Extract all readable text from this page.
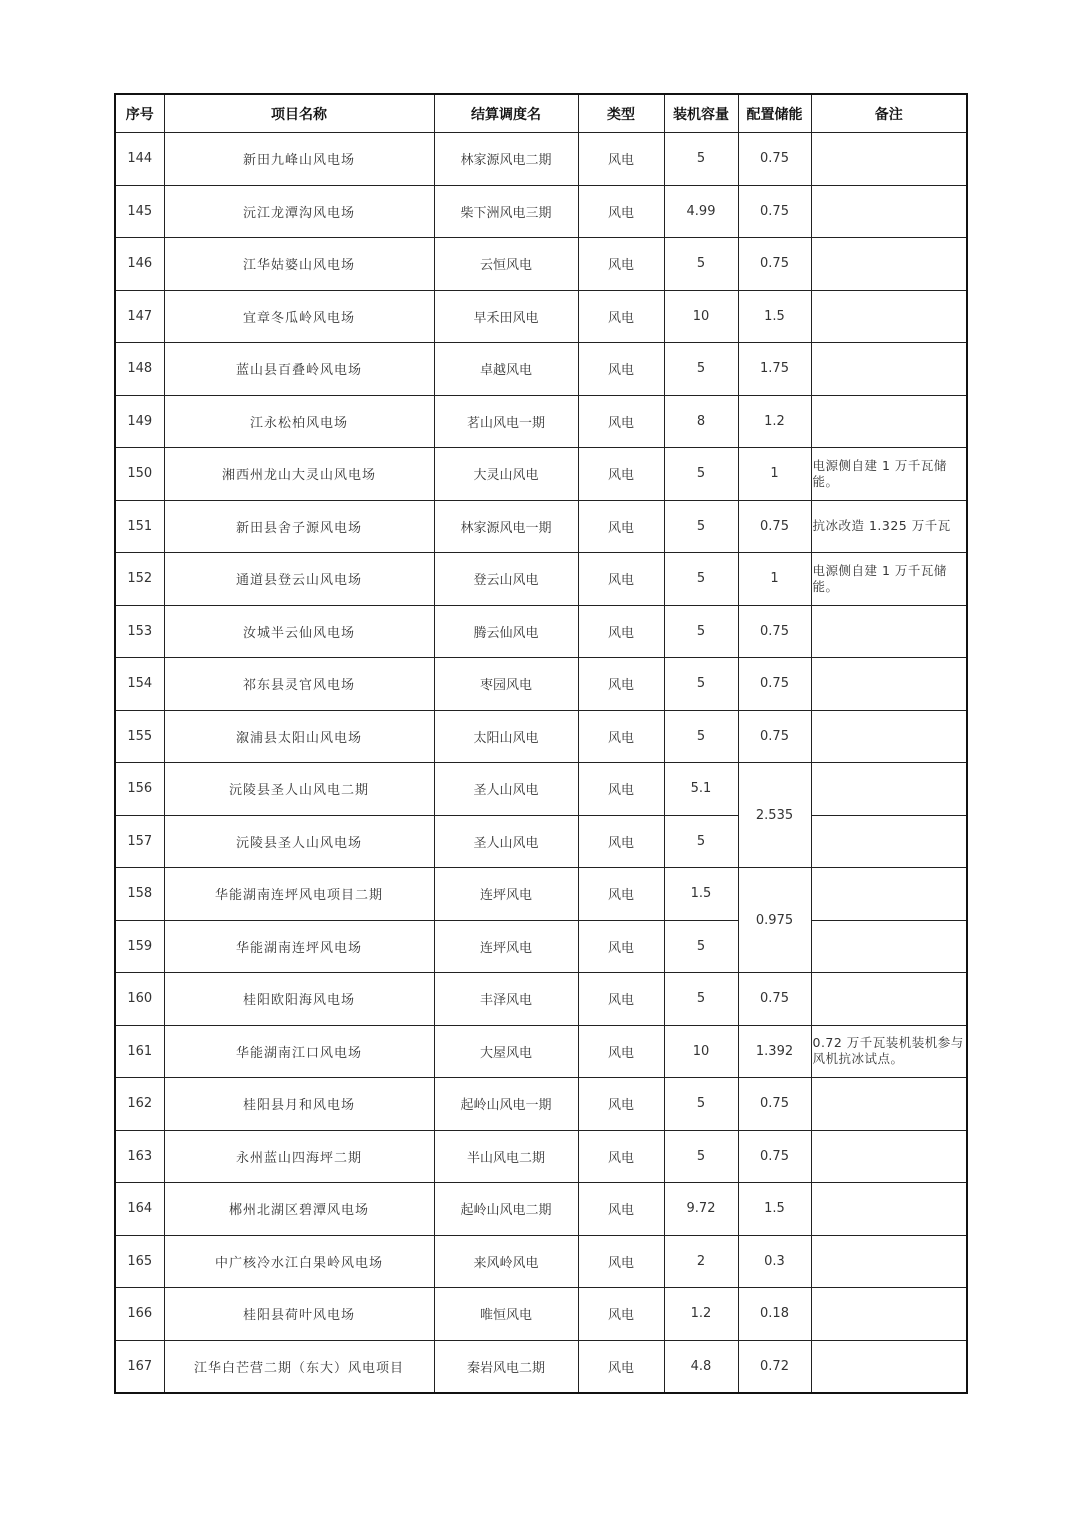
序号	项目名称	结算调度名	类型	装机容量	配置储能	备注
144	新田九峰山风电场	林家源风电二期	风电	5	0.75	
145	沅江龙潭沟风电场	柴下洲风电三期	风电	4.99	0.75	
146	江华姑婆山风电场	云恒风电	风电	5	0.75	
147	宜章冬瓜岭风电场	早禾田风电	风电	10	1.5	
148	蓝山县百叠岭风电场	卓越风电	风电	5	1.75	
149	江永松柏风电场	茗山风电一期	风电	8	1.2	
150	湘西州龙山大灵山风电场	大灵山风电	风电	5	1	电源侧自建 1 万千瓦储能。
151	新田县舍子源风电场	林家源风电一期	风电	5	0.75	抗冰改造 1.325 万千瓦
152	通道县登云山风电场	登云山风电	风电	5	1	电源侧自建 1 万千瓦储能。
153	汝城半云仙风电场	腾云仙风电	风电	5	0.75	
154	祁东县灵官风电场	枣园风电	风电	5	0.75	
155	溆浦县太阳山风电场	太阳山风电	风电	5	0.75	
156	沅陵县圣人山风电二期	圣人山风电	风电	5.1	2.535	
157	沅陵县圣人山风电场	圣人山风电	风电	5		
158	华能湖南连坪风电项目二期	连坪风电	风电	1.5	0.975	
159	华能湖南连坪风电场	连坪风电	风电	5		
160	桂阳欧阳海风电场	丰泽风电	风电	5	0.75	
161	华能湖南江口风电场	大屋风电	风电	10	1.392	0.72 万千瓦装机装机参与风机抗冰试点。
162	桂阳县月和风电场	起岭山风电一期	风电	5	0.75	
163	永州蓝山四海坪二期	半山风电二期	风电	5	0.75	
164	郴州北湖区碧潭风电场	起岭山风电二期	风电	9.72	1.5	
165	中广核冷水江白果岭风电场	来风岭风电	风电	2	0.3	
166	桂阳县荷叶风电场	唯恒风电	风电	1.2	0.18	
167	江华白芒营二期（东大）风电项目	秦岩风电二期	风电	4.8	0.72	
